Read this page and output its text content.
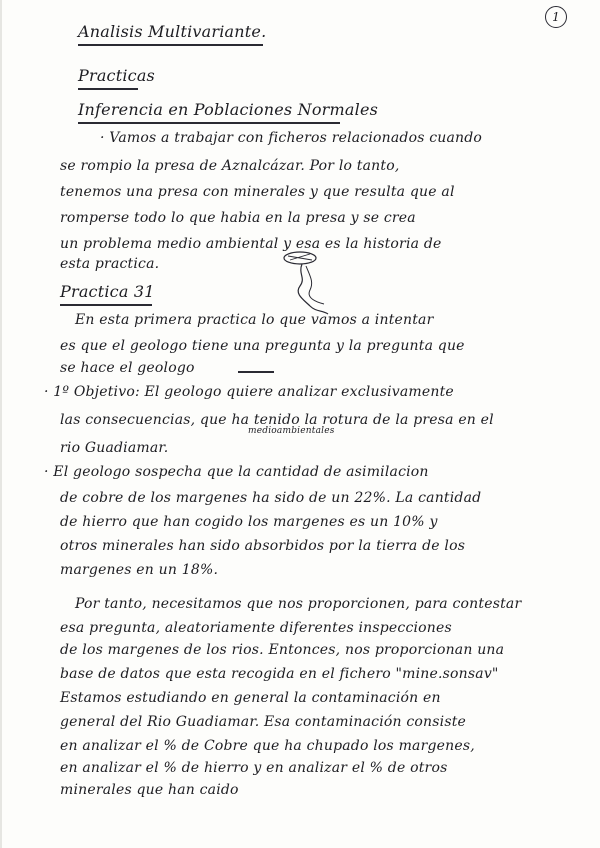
1
Analisis Multivariante.
Practicas
Inferencia en Poblaciones Normales
· Vamos a trabajar con ficheros relacionados cuando
se rompio la presa de Aznalcázar. Por lo tanto,
tenemos una presa con minerales y que resulta que al
romperse todo lo que habia en la presa y se crea
un problema medio ambiental y esa es la historia de
esta practica.
Practica 31
En esta primera practica lo que vamos a intentar
es que el geologo tiene una pregunta y la pregunta que
se hace el geologo
· 1º Objetivo: El geologo quiere analizar exclusivamente
las consecuencias, que ha tenido la rotura de la presa en el
medioambientales
rio Guadiamar.
· El geologo sospecha que la cantidad de asimilacion
de cobre de los margenes ha sido de un 22%. La cantidad
de hierro que han cogido los margenes es un 10% y
otros minerales han sido absorbidos por la tierra de los
margenes en un 18%.
Por tanto, necesitamos que nos proporcionen, para contestar
esa pregunta, aleatoriamente diferentes inspecciones
de los margenes de los rios. Entonces, nos proporcionan una
base de datos que esta recogida en el fichero "mine.sonsav"
Estamos estudiando en general la contaminación en
general del Rio Guadiamar. Esa contaminación consiste
en analizar el % de Cobre que ha chupado los margenes,
en analizar el % de hierro y en analizar el % de otros
minerales que han caido
